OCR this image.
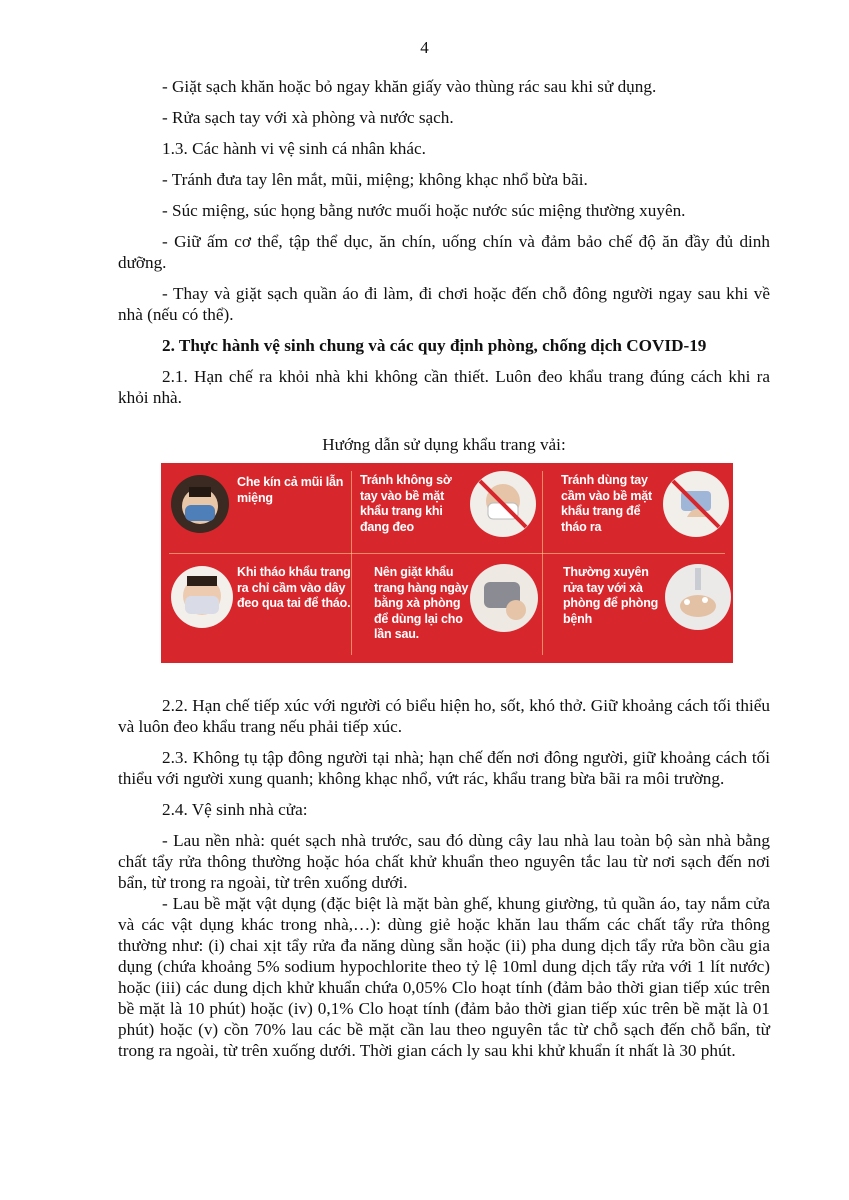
4

- Giặt sạch khăn hoặc bỏ ngay khăn giấy vào thùng rác sau khi sử dụng.

- Rửa sạch tay với xà phòng và nước sạch.

1.3. Các hành vi vệ sinh cá nhân khác.

- Tránh đưa tay lên mắt, mũi, miệng; không khạc nhổ bừa bãi.

- Súc miệng, súc họng bằng nước muối hoặc nước súc miệng thường xuyên.

- Giữ ấm cơ thể, tập thể dục, ăn chín, uống chín và đảm bảo chế độ ăn đầy đủ dinh dưỡng.

- Thay và giặt sạch quần áo đi làm, đi chơi hoặc đến chỗ đông người ngay sau khi về nhà (nếu có thể).

2. Thực hành vệ sinh chung và các quy định phòng, chống dịch COVID-19

2.1. Hạn chế ra khỏi nhà khi không cần thiết. Luôn đeo khẩu trang đúng cách khi ra khỏi nhà.

Hướng dẫn sử dụng khẩu trang vải:
Che kín cả mũi lẫn miệng
Tránh không sờ tay vào bề mặt khẩu trang khi đang đeo
Tránh dùng tay cầm vào bề mặt khẩu trang để tháo ra
Khi tháo khẩu trang ra chỉ cầm vào dây đeo qua tai để tháo.
Nên giặt khẩu trang hàng ngày bằng xà phòng để dùng lại cho lần sau.
Thường xuyên rửa tay với xà phòng để phòng bệnh

2.2. Hạn chế tiếp xúc với người có biểu hiện ho, sốt, khó thở. Giữ khoảng cách tối thiểu và luôn đeo khẩu trang nếu phải tiếp xúc.

2.3. Không tụ tập đông người tại nhà; hạn chế đến nơi đông người, giữ khoảng cách tối thiểu với người xung quanh; không khạc nhổ, vứt rác, khẩu trang bừa bãi ra môi trường.

2.4. Vệ sinh nhà cửa:

- Lau nền nhà: quét sạch nhà trước, sau đó dùng cây lau nhà lau toàn bộ sàn nhà bằng chất tẩy rửa thông thường hoặc hóa chất khử khuẩn theo nguyên tắc lau từ nơi sạch đến nơi bẩn, từ trong ra ngoài, từ trên xuống dưới.

- Lau bề mặt vật dụng (đặc biệt là mặt bàn ghế, khung giường, tủ quần áo, tay nắm cửa và các vật dụng khác trong nhà,…): dùng giẻ hoặc khăn lau thấm các chất tẩy rửa thông thường như: (i) chai xịt tẩy rửa đa năng dùng sẵn hoặc (ii) pha dung dịch tẩy rửa bồn cầu gia dụng (chứa khoảng 5% sodium hypochlorite theo tỷ lệ 10ml dung dịch tẩy rửa với 1 lít nước) hoặc (iii) các dung dịch khử khuẩn chứa 0,05% Clo hoạt tính (đảm bảo thời gian tiếp xúc trên bề mặt là 10 phút) hoặc (iv) 0,1% Clo hoạt tính (đảm bảo thời gian tiếp xúc trên bề mặt là 01 phút) hoặc (v) cồn 70% lau các bề mặt cần lau theo nguyên tắc từ chỗ sạch đến chỗ bẩn, từ trong ra ngoài, từ trên xuống dưới. Thời gian cách ly sau khi khử khuẩn ít nhất là 30 phút.
